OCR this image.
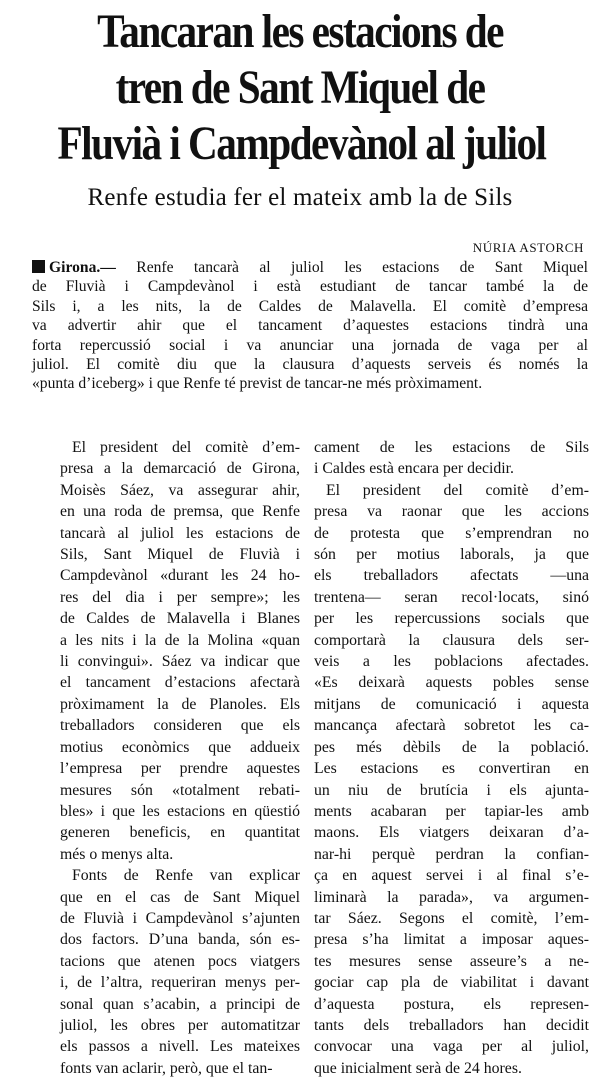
Tancaran les estacions de
tren de Sant Miquel de
Fluvià i Campdevànol al juliol
Renfe estudia fer el mateix amb la de Sils
NÚRIA ASTORCH
Girona.— Renfe tancarà al juliol les estacions de Sant Miquel
de Fluvià i Campdevànol i està estudiant de tancar també la de
Sils i, a les nits, la de Caldes de Malavella. El comitè d’empresa
va advertir ahir que el tancament d’aquestes estacions tindrà una
forta repercussió social i va anunciar una jornada de vaga per al
juliol. El comitè diu que la clausura d’aquests serveis és només la
«punta d’iceberg» i que Renfe té previst de tancar-ne més pròximament.
El president del comitè d’em-
presa a la demarcació de Girona,
Moisès Sáez, va assegurar ahir,
en una roda de premsa, que Renfe
tancarà al juliol les estacions de
Sils, Sant Miquel de Fluvià i
Campdevànol «durant les 24 ho-
res del dia i per sempre»; les
de Caldes de Malavella i Blanes
a les nits i la de la Molina «quan
li convingui». Sáez va indicar que
el tancament d’estacions afectarà
pròximament la de Planoles. Els
treballadors consideren que els
motius econòmics que addueix
l’empresa per prendre aquestes
mesures són «totalment rebati-
bles» i que les estacions en qüestió
generen beneficis, en quantitat
més o menys alta.
Fonts de Renfe van explicar
que en el cas de Sant Miquel
de Fluvià i Campdevànol s’ajunten
dos factors. D’una banda, són es-
tacions que atenen pocs viatgers
i, de l’altra, requeriran menys per-
sonal quan s’acabin, a principi de
juliol, les obres per automatitzar
els passos a nivell. Les mateixes
fonts van aclarir, però, que el tan-
cament de les estacions de Sils
i Caldes està encara per decidir.
El president del comitè d’em-
presa va raonar que les accions
de protesta que s’emprendran no
són per motius laborals, ja que
els treballadors afectats —una
trentena— seran recol·locats, sinó
per les repercussions socials que
comportarà la clausura dels ser-
veis a les poblacions afectades.
«Es deixarà aquests pobles sense
mitjans de comunicació i aquesta
mancança afectarà sobretot les ca-
pes més dèbils de la població.
Les estacions es convertiran en
un niu de brutícia i els ajunta-
ments acabaran per tapiar-les amb
maons. Els viatgers deixaran d’a-
nar-hi perquè perdran la confian-
ça en aquest servei i al final s’e-
liminarà la parada», va argumen-
tar Sáez. Segons el comitè, l’em-
presa s’ha limitat a imposar aques-
tes mesures sense asseure’s a ne-
gociar cap pla de viabilitat i davant
d’aquesta postura, els represen-
tants dels treballadors han decidit
convocar una vaga per al juliol,
que inicialment serà de 24 hores.
